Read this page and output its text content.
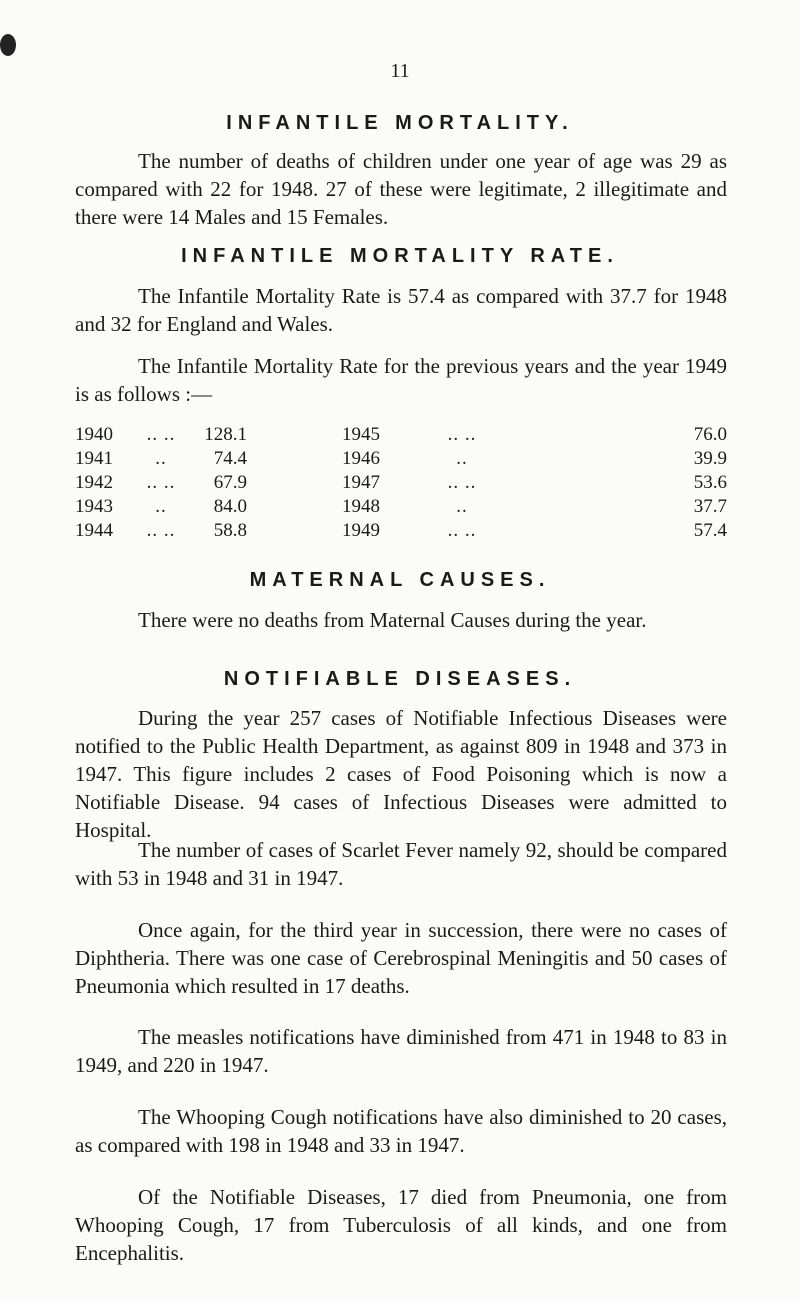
11
INFANTILE MORTALITY.

The number of deaths of children under one year of age was 29 as compared with 22 for 1948. 27 of these were legitimate, 2 illegitimate and there were 14 Males and 15 Females.

INFANTILE MORTALITY RATE.

The Infantile Mortality Rate is 57.4 as compared with 37.7 for 1948 and 32 for England and Wales.

The Infantile Mortality Rate for the previous years and the year 1949 is as follows :—

1940	.. ..	128.1		1945	.. ..	76.0
1941	..	74.4		1946	..	39.9
1942	.. ..	67.9		1947	.. ..	53.6
1943	..	84.0		1948	..	37.7
1944	.. ..	58.8		1949	.. ..	57.4
MATERNAL CAUSES.

There were no deaths from Maternal Causes during the year.

NOTIFIABLE DISEASES.

During the year 257 cases of Notifiable Infectious Diseases were notified to the Public Health Department, as against 809 in 1948 and 373 in 1947. This figure includes 2 cases of Food Poisoning which is now a Notifiable Disease. 94 cases of Infectious Diseases were admitted to Hospital.

The number of cases of Scarlet Fever namely 92, should be compared with 53 in 1948 and 31 in 1947.

Once again, for the third year in succession, there were no cases of Diphtheria. There was one case of Cerebrospinal Meningitis and 50 cases of Pneumonia which resulted in 17 deaths.

The measles notifications have diminished from 471 in 1948 to 83 in 1949, and 220 in 1947.

The Whooping Cough notifications have also diminished to 20 cases, as compared with 198 in 1948 and 33 in 1947.

Of the Notifiable Diseases, 17 died from Pneumonia, one from Whooping Cough, 17 from Tuberculosis of all kinds, and one from Encephalitis.
